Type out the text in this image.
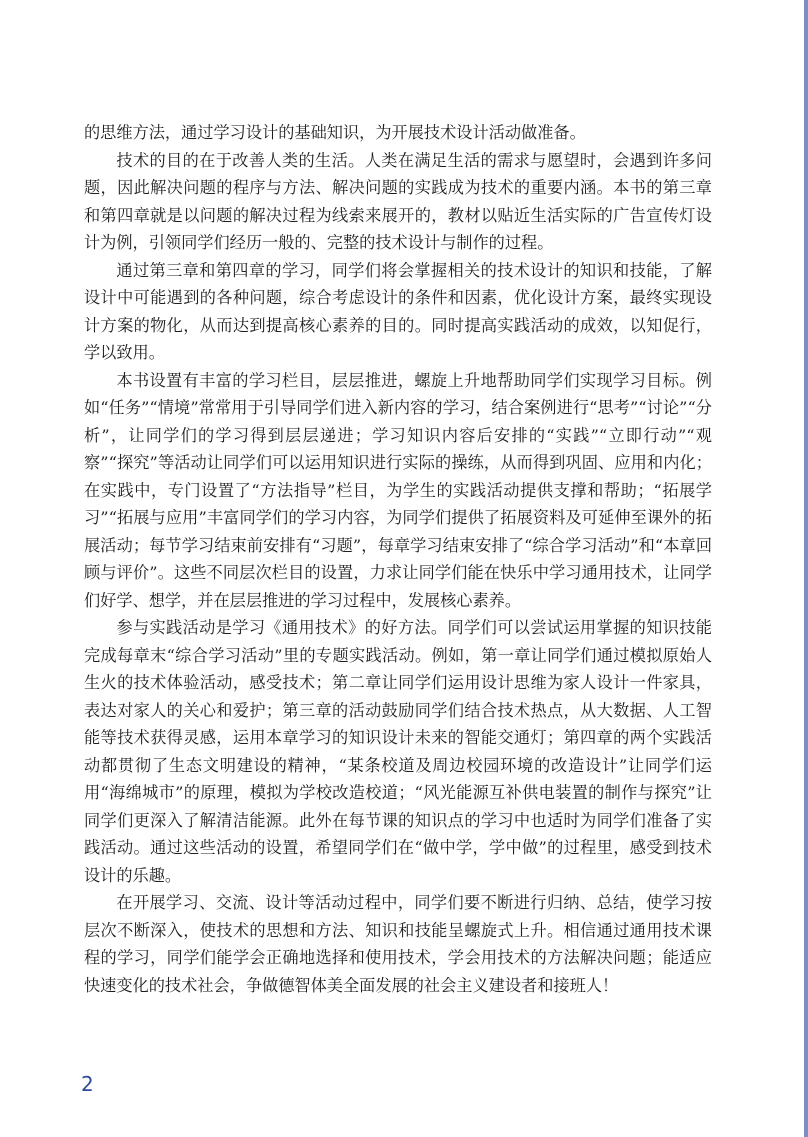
的思维方法，通过学习设计的基础知识，为开展技术设计活动做准备。

技术的目的在于改善人类的生活。人类在满足生活的需求与愿望时，会遇到许多问题，因此解决问题的程序与方法、解决问题的实践成为技术的重要内涵。本书的第三章和第四章就是以问题的解决过程为线索来展开的，教材以贴近生活实际的广告宣传灯设计为例，引领同学们经历一般的、完整的技术设计与制作的过程。

通过第三章和第四章的学习，同学们将会掌握相关的技术设计的知识和技能，了解设计中可能遇到的各种问题，综合考虑设计的条件和因素，优化设计方案，最终实现设计方案的物化，从而达到提高核心素养的目的。同时提高实践活动的成效，以知促行，学以致用。

本书设置有丰富的学习栏目，层层推进，螺旋上升地帮助同学们实现学习目标。例如“任务”“情境”常常用于引导同学们进入新内容的学习，结合案例进行“思考”“讨论”“分析”，让同学们的学习得到层层递进；学习知识内容后安排的“实践”“立即行动”“观察”“探究”等活动让同学们可以运用知识进行实际的操练，从而得到巩固、应用和内化；在实践中，专门设置了“方法指导”栏目，为学生的实践活动提供支撑和帮助；“拓展学习”“拓展与应用”丰富同学们的学习内容，为同学们提供了拓展资料及可延伸至课外的拓展活动；每节学习结束前安排有“习题”，每章学习结束安排了“综合学习活动”和“本章回顾与评价”。这些不同层次栏目的设置，力求让同学们能在快乐中学习通用技术，让同学们好学、想学，并在层层推进的学习过程中，发展核心素养。

参与实践活动是学习《通用技术》的好方法。同学们可以尝试运用掌握的知识技能完成每章末“综合学习活动”里的专题实践活动。例如，第一章让同学们通过模拟原始人生火的技术体验活动，感受技术；第二章让同学们运用设计思维为家人设计一件家具，表达对家人的关心和爱护；第三章的活动鼓励同学们结合技术热点，从大数据、人工智能等技术获得灵感，运用本章学习的知识设计未来的智能交通灯；第四章的两个实践活动都贯彻了生态文明建设的精神，“某条校道及周边校园环境的改造设计”让同学们运用“海绵城市”的原理，模拟为学校改造校道；“风光能源互补供电装置的制作与探究”让同学们更深入了解清洁能源。此外在每节课的知识点的学习中也适时为同学们准备了实践活动。通过这些活动的设置，希望同学们在“做中学，学中做”的过程里，感受到技术设计的乐趣。

在开展学习、交流、设计等活动过程中，同学们要不断进行归纳、总结，使学习按层次不断深入，使技术的思想和方法、知识和技能呈螺旋式上升。相信通过通用技术课程的学习，同学们能学会正确地选择和使用技术，学会用技术的方法解决问题；能适应快速变化的技术社会，争做德智体美全面发展的社会主义建设者和接班人！

2
